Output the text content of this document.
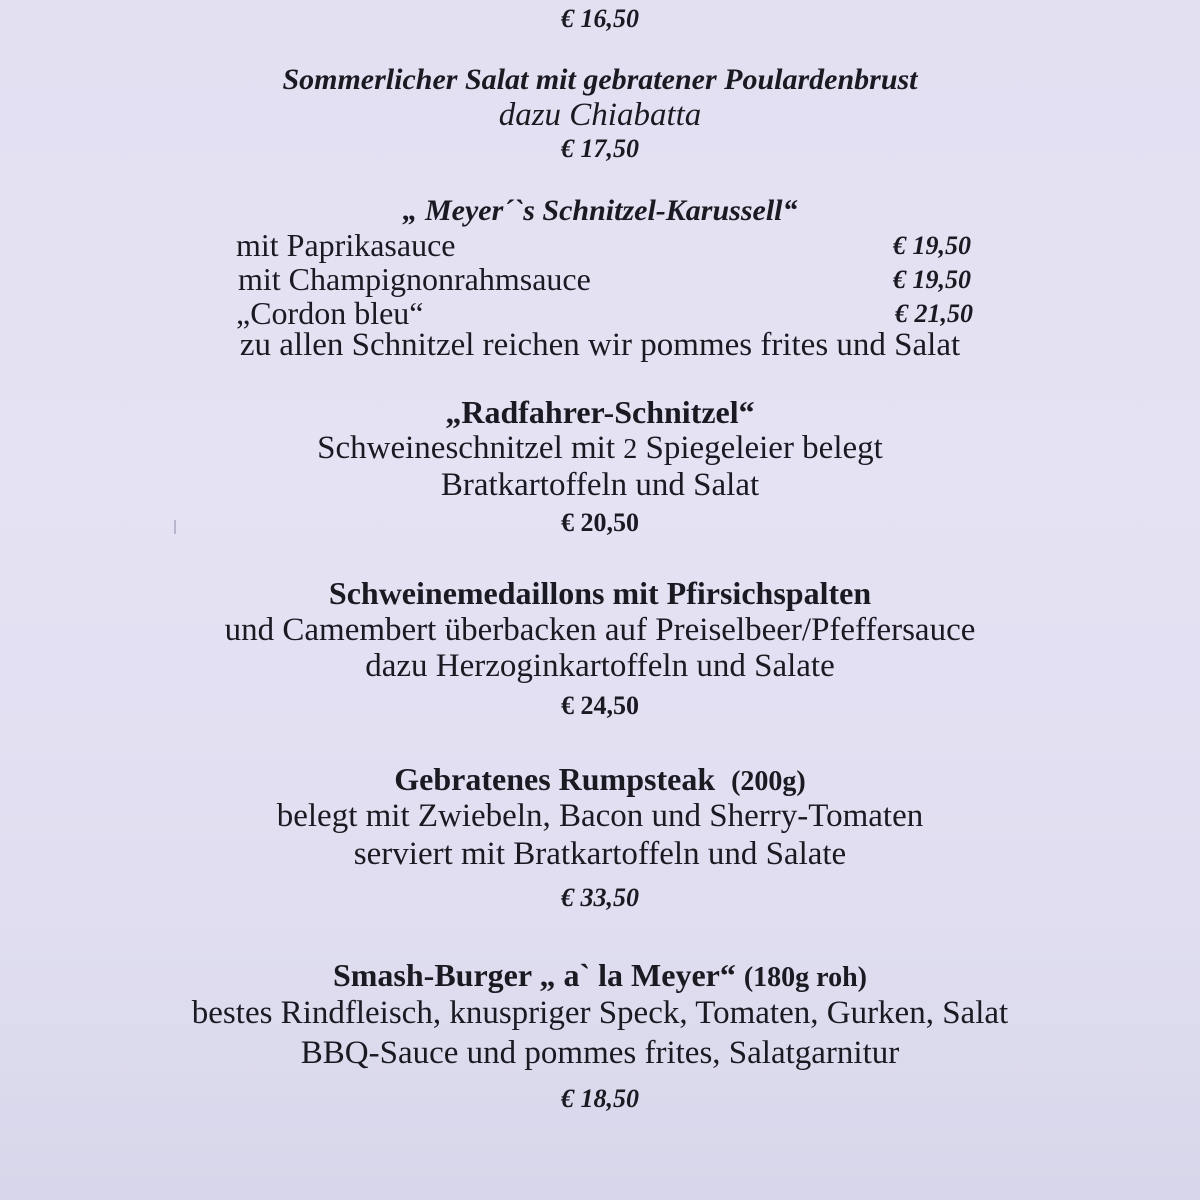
€ 16,50
Sommerlicher Salat mit gebratener Poulardenbrust
dazu Chiabatta
€ 17,50
„ Meyer´`s Schnitzel-Karussell“
mit Paprikasauce	€ 19,50
mit Champignonrahmsauce	€ 19,50
„Cordon bleu“	€ 21,50
zu allen Schnitzel reichen wir pommes frites und Salat
„Radfahrer-Schnitzel“
Schweineschnitzel mit 2 Spiegeleier belegt
Bratkartoffeln und Salat
€ 20,50
Schweinemedaillons mit Pfirsichspalten
und Camembert überbacken auf Preiselbeer/Pfeffersauce
dazu Herzoginkartoffeln und Salate
€ 24,50
Gebratenes Rumpsteak (200g)
belegt mit Zwiebeln, Bacon und Sherry-Tomaten
serviert mit Bratkartoffeln und Salate
€ 33,50
Smash-Burger „ a` la Meyer“ (180g roh)
bestes Rindfleisch, knuspriger Speck, Tomaten, Gurken, Salat
BBQ-Sauce und pommes frites, Salatgarnitur
€ 18,50
